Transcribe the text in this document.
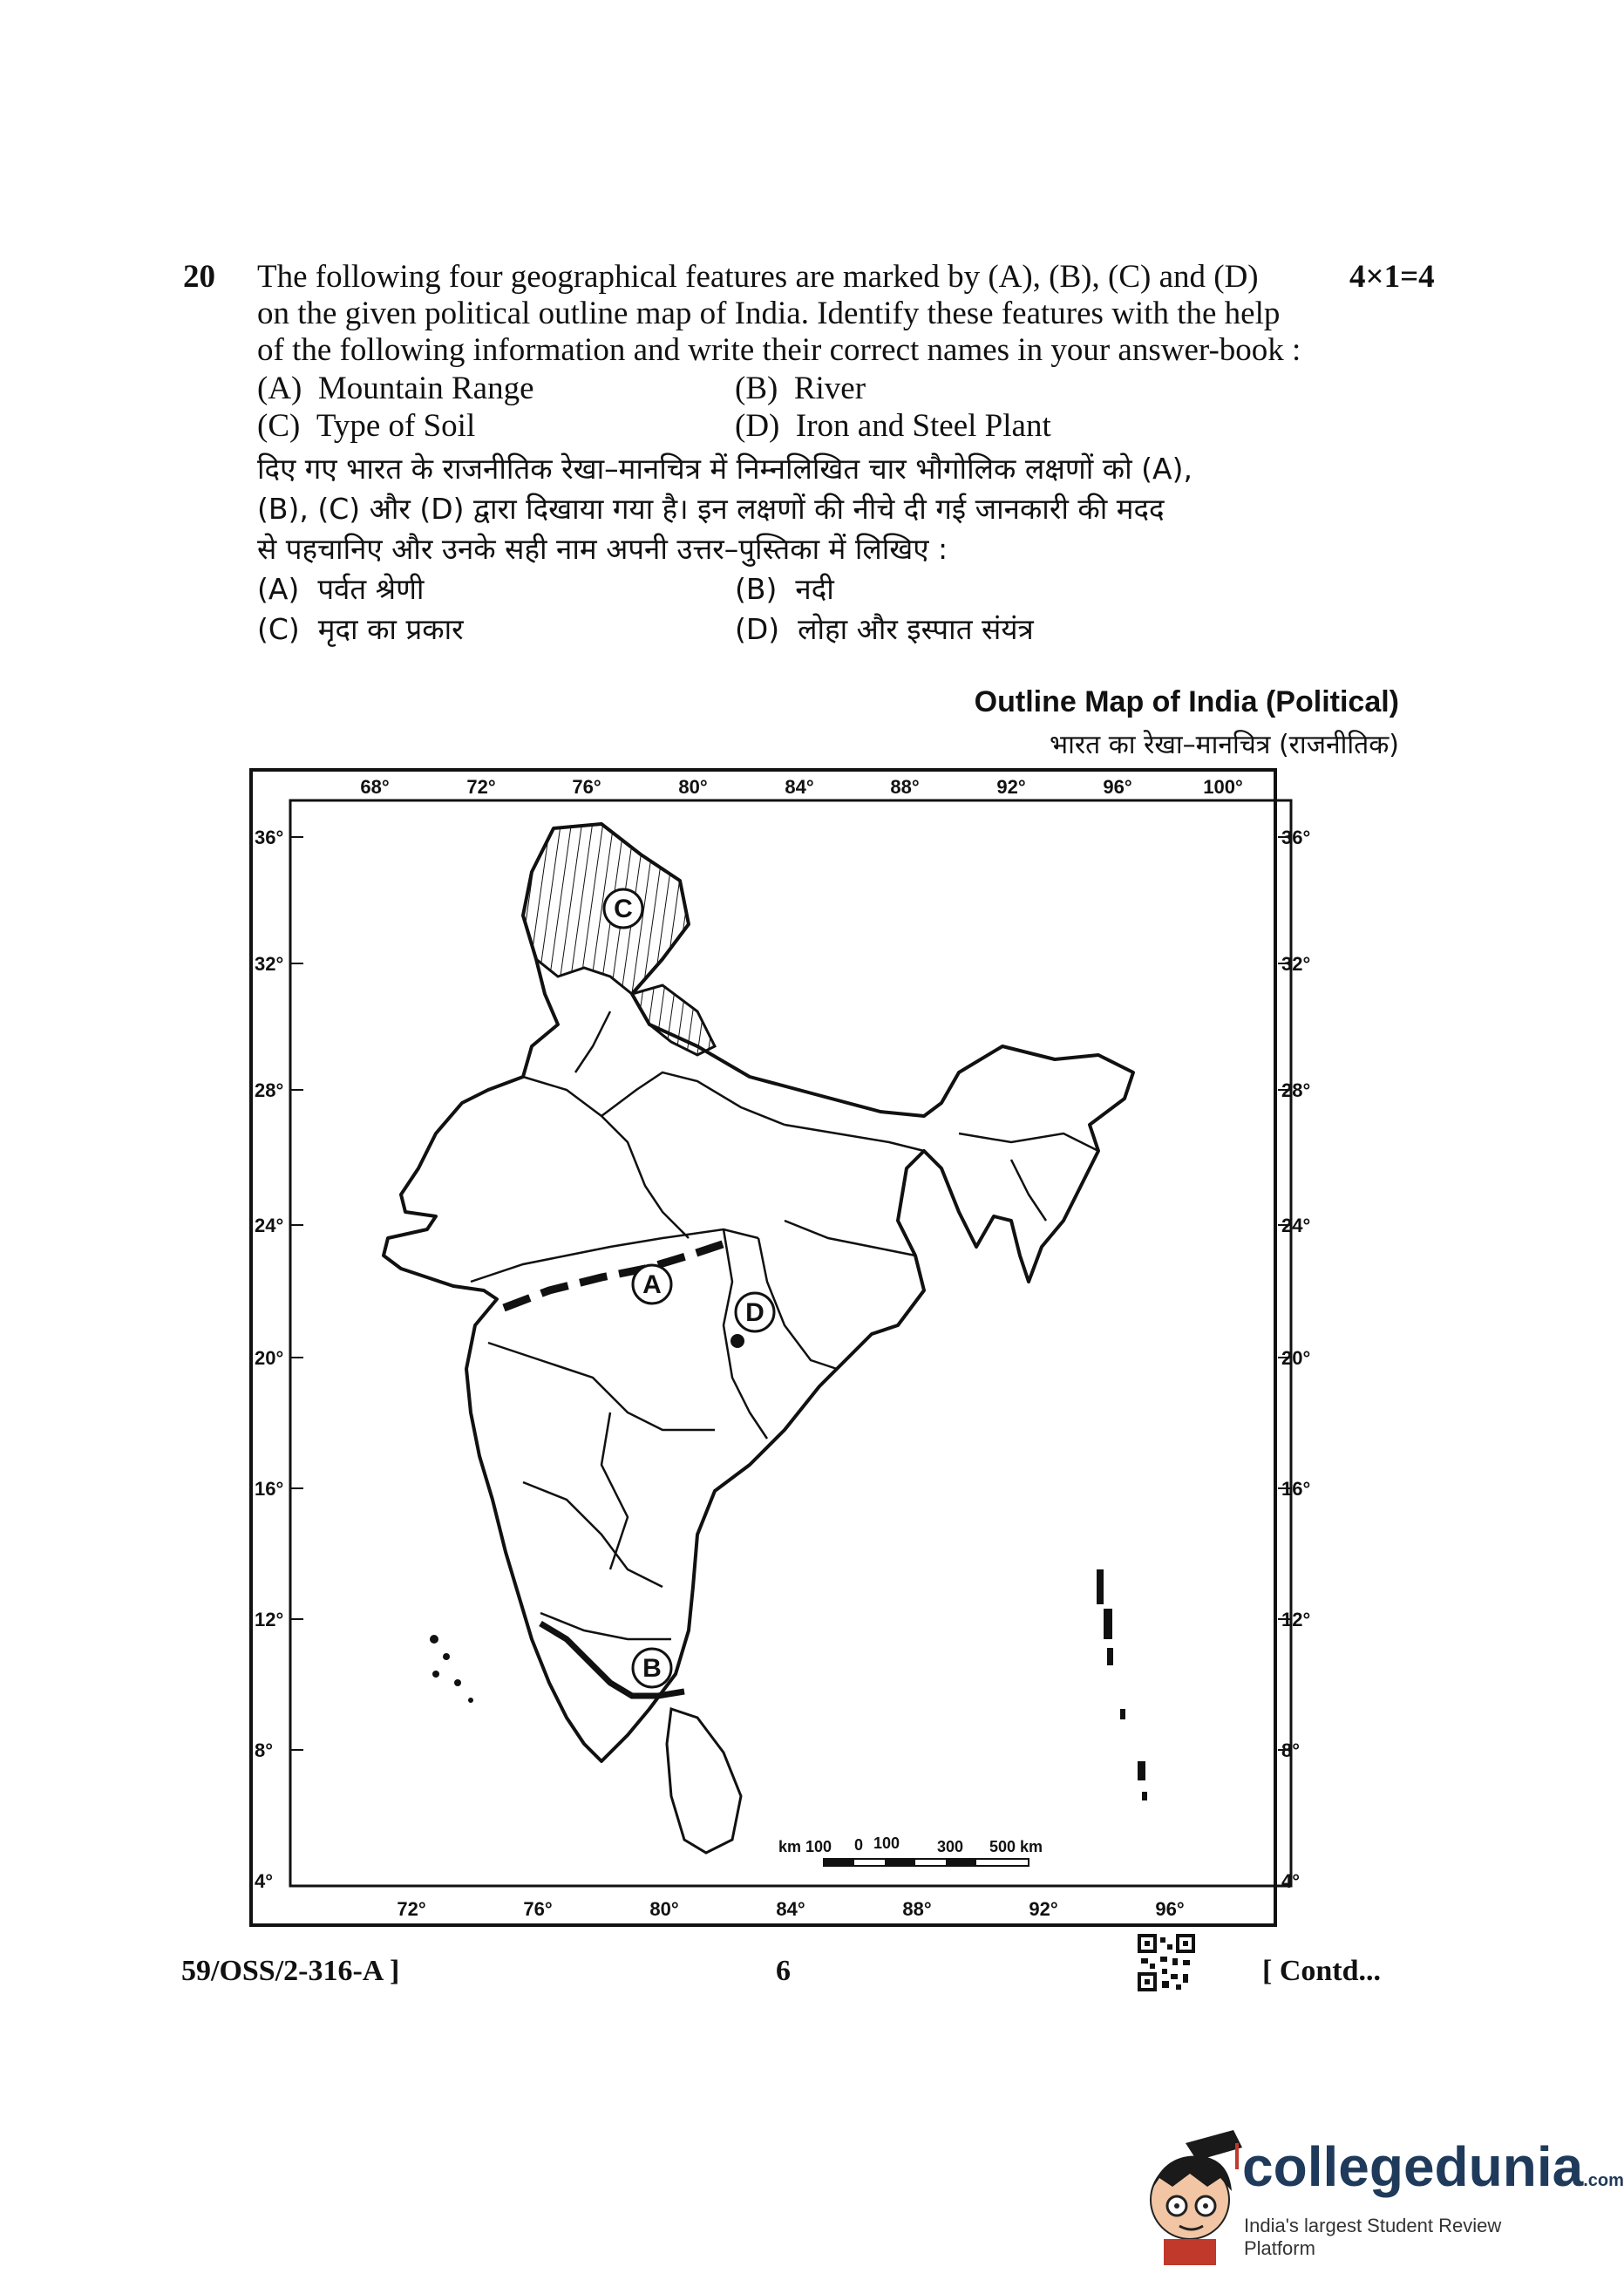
20	4×1=4
The following four geographical features are marked by (A), (B), (C) and (D)
on the given political outline map of India. Identify these features with the help
of the following information and write their correct names in your answer-book :
(A) Mountain Range	(B) River
(C) Type of Soil	(D) Iron and Steel Plant
दिए गए भारत के राजनीतिक रेखा–मानचित्र में निम्नलिखित चार भौगोलिक लक्षणों को (A),
(B), (C) और (D) द्वारा दिखाया गया है। इन लक्षणों की नीचे दी गई जानकारी की मदद
से पहचानिए और उनके सही नाम अपनी उत्तर–पुस्तिका में लिखिए :
(A) पर्वत श्रेणी	(B) नदी
(C) मृदा का प्रकार	(D) लोहा और इस्पात संयंत्र
Outline Map of India (Political)
भारत का रेखा–मानचित्र (राजनीतिक)
68°	72°	76°	80°	84°	88°	92°	96°	100°
72°	76°	80°	84°	88°	92°	96°
36°
32°
28°
24°
20°
16°
12°
8°
4°
36°
32°
28°
24°
20°
16°
12°
8°
4°
A
B
C
D
km 100 0 100 300 500 km
59/OSS/2-316-A ]	6	[ Contd...
collegedunia.com
India's largest Student Review Platform
